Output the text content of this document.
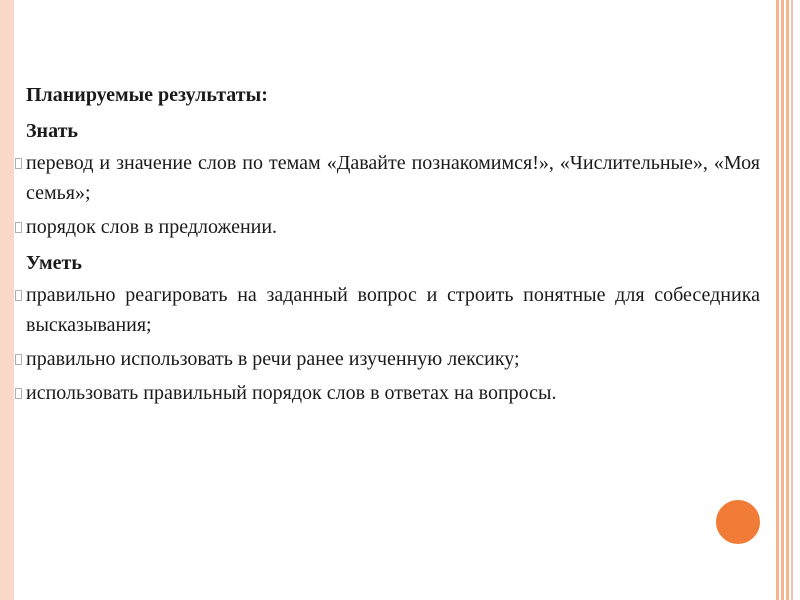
Планируемые результаты:

Знать

перевод и значение слов по темам «Давайте познакомимся!», «Числительные», «Моя семья»;
порядок слов в предложении.

Уметь

правильно реагировать на заданный вопрос и строить понятные для собеседника высказывания;
правильно использовать в речи ранее изученную лексику;
использовать правильный порядок слов в ответах на вопросы.
